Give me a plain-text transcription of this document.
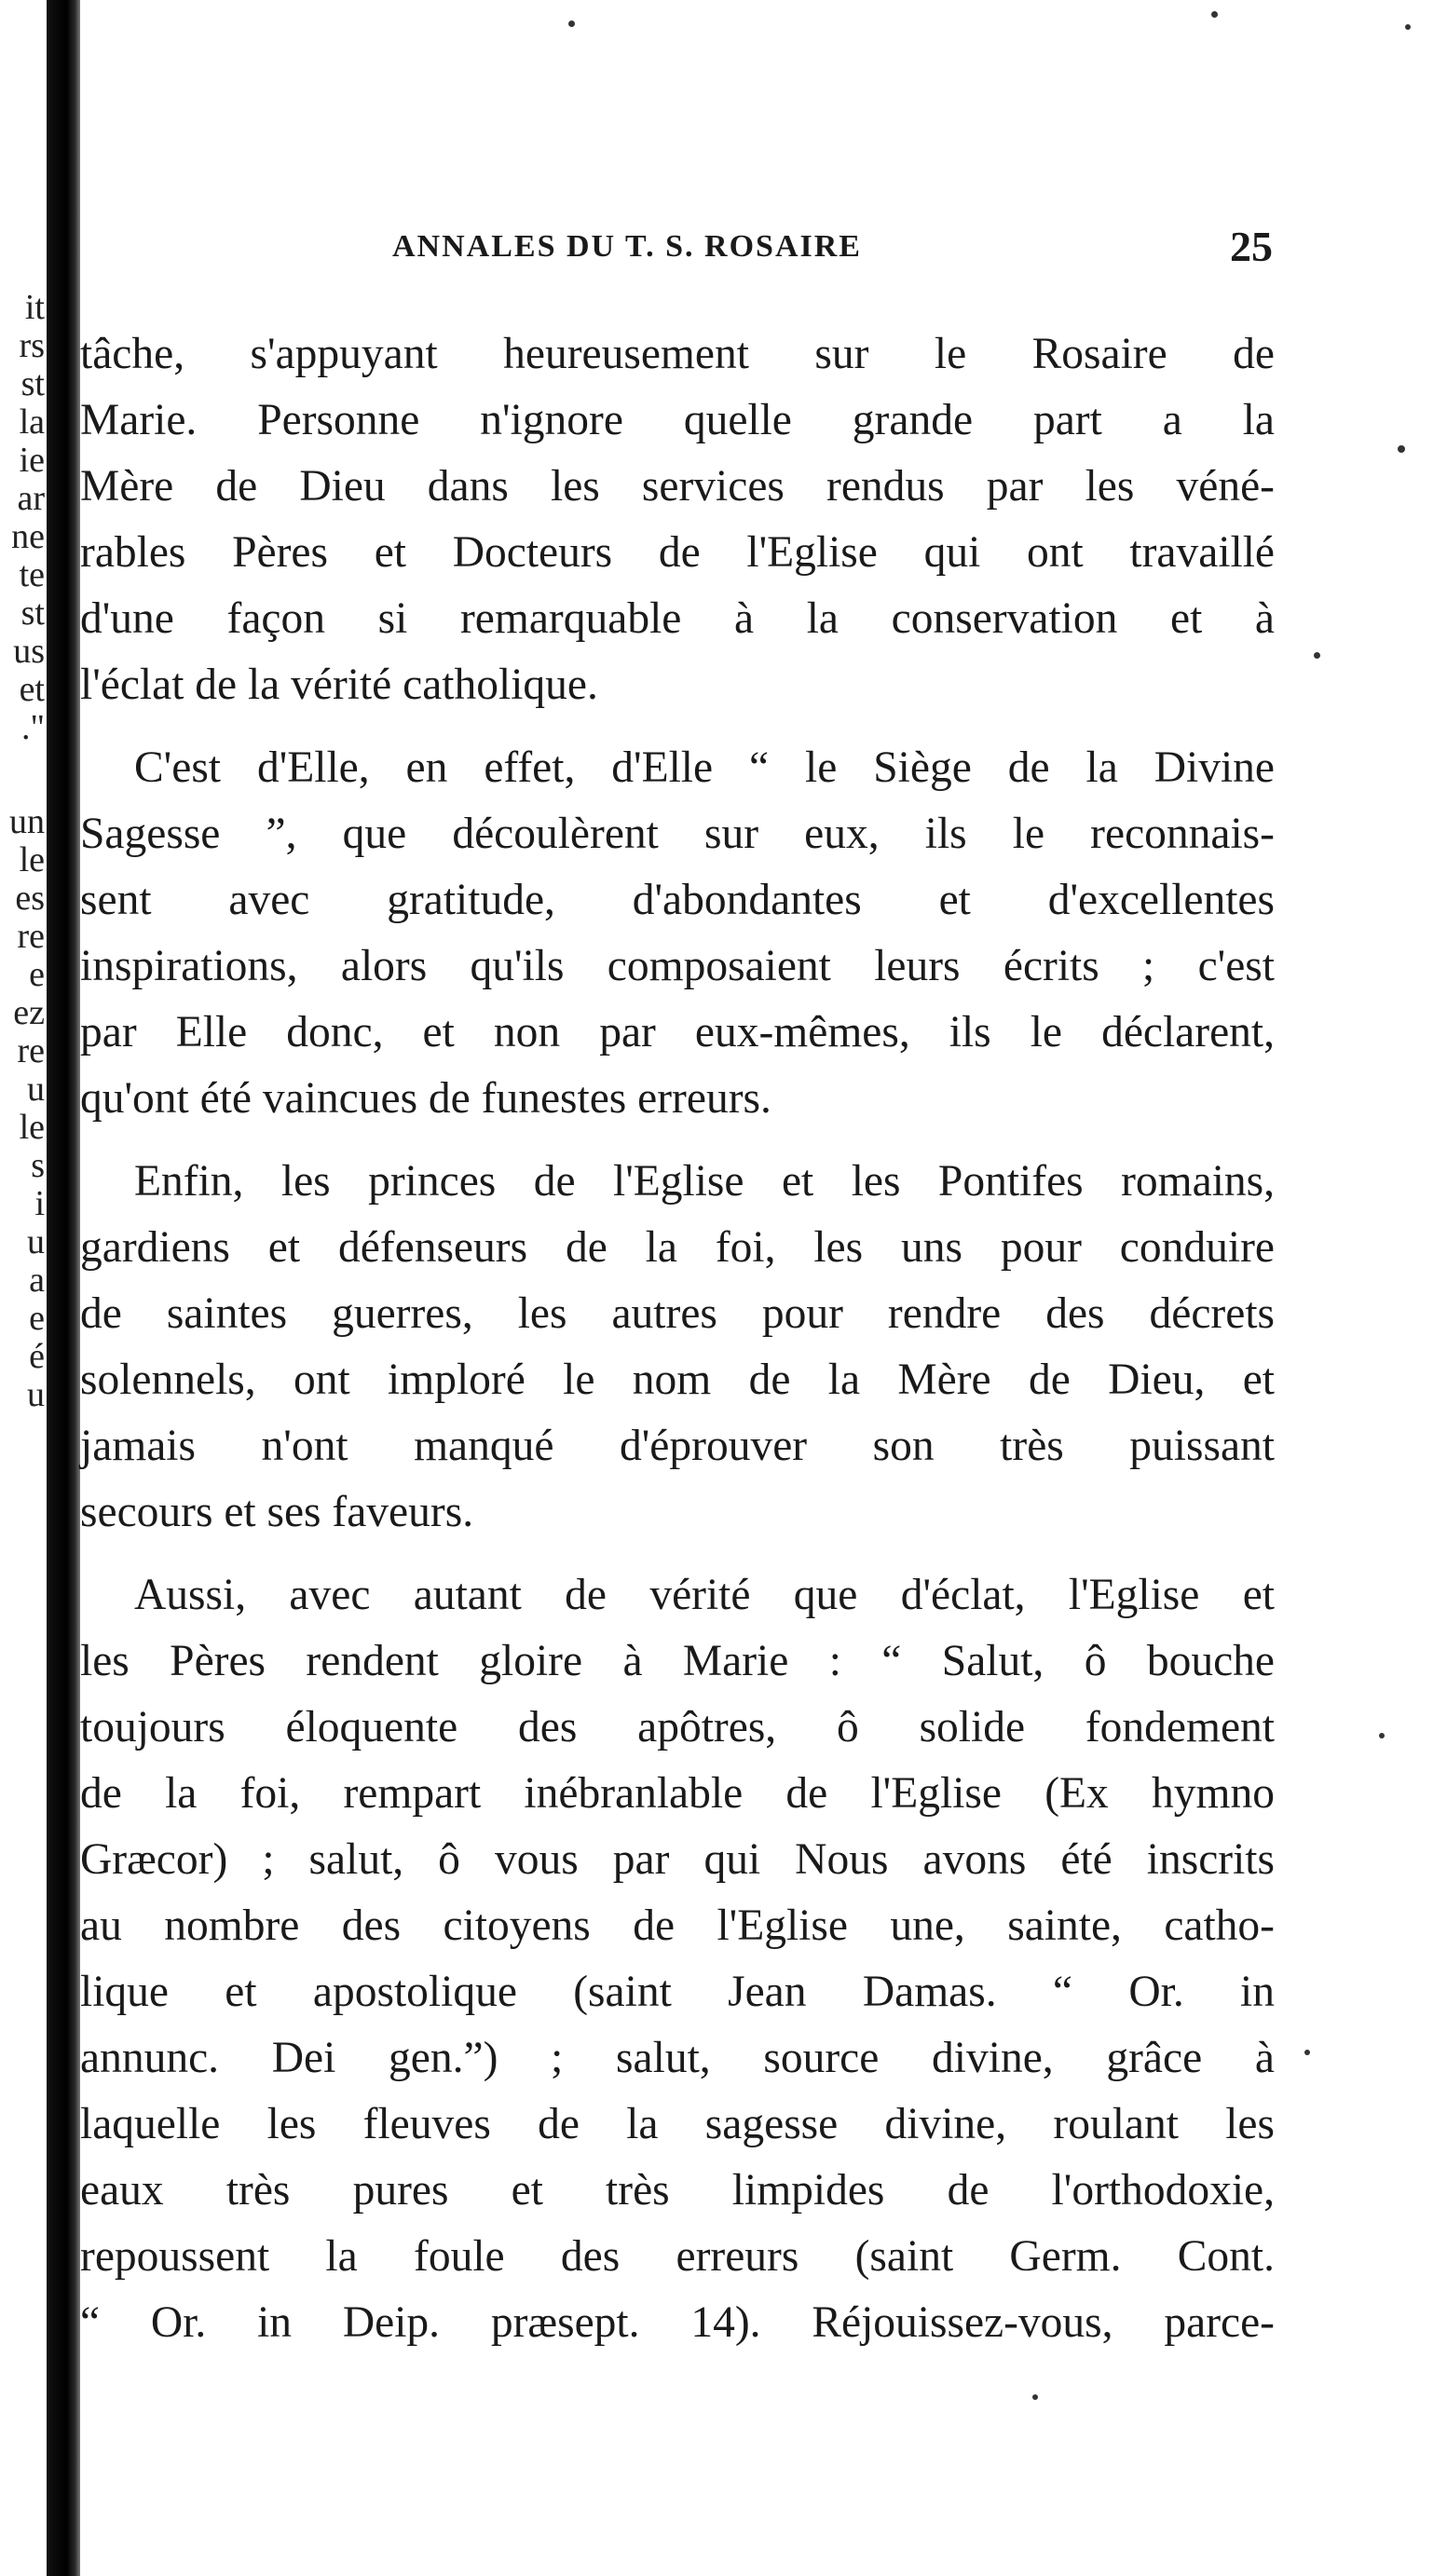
it
rs
st
la
ie
ar
ne
te
st
us
et
."
un
le
es
re
e
ez
re
u
le
s
i
u
a
e
é
u
ANNALES DU T. S. ROSAIRE	25
tâche, s'appuyant heureusement sur le Rosaire de
Marie. Personne n'ignore quelle grande part a la
Mère de Dieu dans les services rendus par les véné-
rables Pères et Docteurs de l'Eglise qui ont travaillé
d'une façon si remarquable à la conservation et à
l'éclat de la vérité catholique.
C'est d'Elle, en effet, d'Elle “ le Siège de la Divine
Sagesse ”, que découlèrent sur eux, ils le reconnais-
sent avec gratitude, d'abondantes et d'excellentes
inspirations, alors qu'ils composaient leurs écrits ; c'est
par Elle donc, et non par eux-mêmes, ils le déclarent,
qu'ont été vaincues de funestes erreurs.
Enfin, les princes de l'Eglise et les Pontifes romains,
gardiens et défenseurs de la foi, les uns pour conduire
de saintes guerres, les autres pour rendre des décrets
solennels, ont imploré le nom de la Mère de Dieu, et
jamais n'ont manqué d'éprouver son très puissant
secours et ses faveurs.
Aussi, avec autant de vérité que d'éclat, l'Eglise et
les Pères rendent gloire à Marie : “ Salut, ô bouche
toujours éloquente des apôtres, ô solide fondement
de la foi, rempart inébranlable de l'Eglise (Ex hymno
Græcor) ; salut, ô vous par qui Nous avons été inscrits
au nombre des citoyens de l'Eglise une, sainte, catho-
lique et apostolique (saint Jean Damas. “ Or. in
annunc. Dei gen.”) ; salut, source divine, grâce à
laquelle les fleuves de la sagesse divine, roulant les
eaux très pures et très limpides de l'orthodoxie,
repoussent la foule des erreurs (saint Germ. Cont.
“ Or. in Deip. præsept. 14). Réjouissez-vous, parce-
